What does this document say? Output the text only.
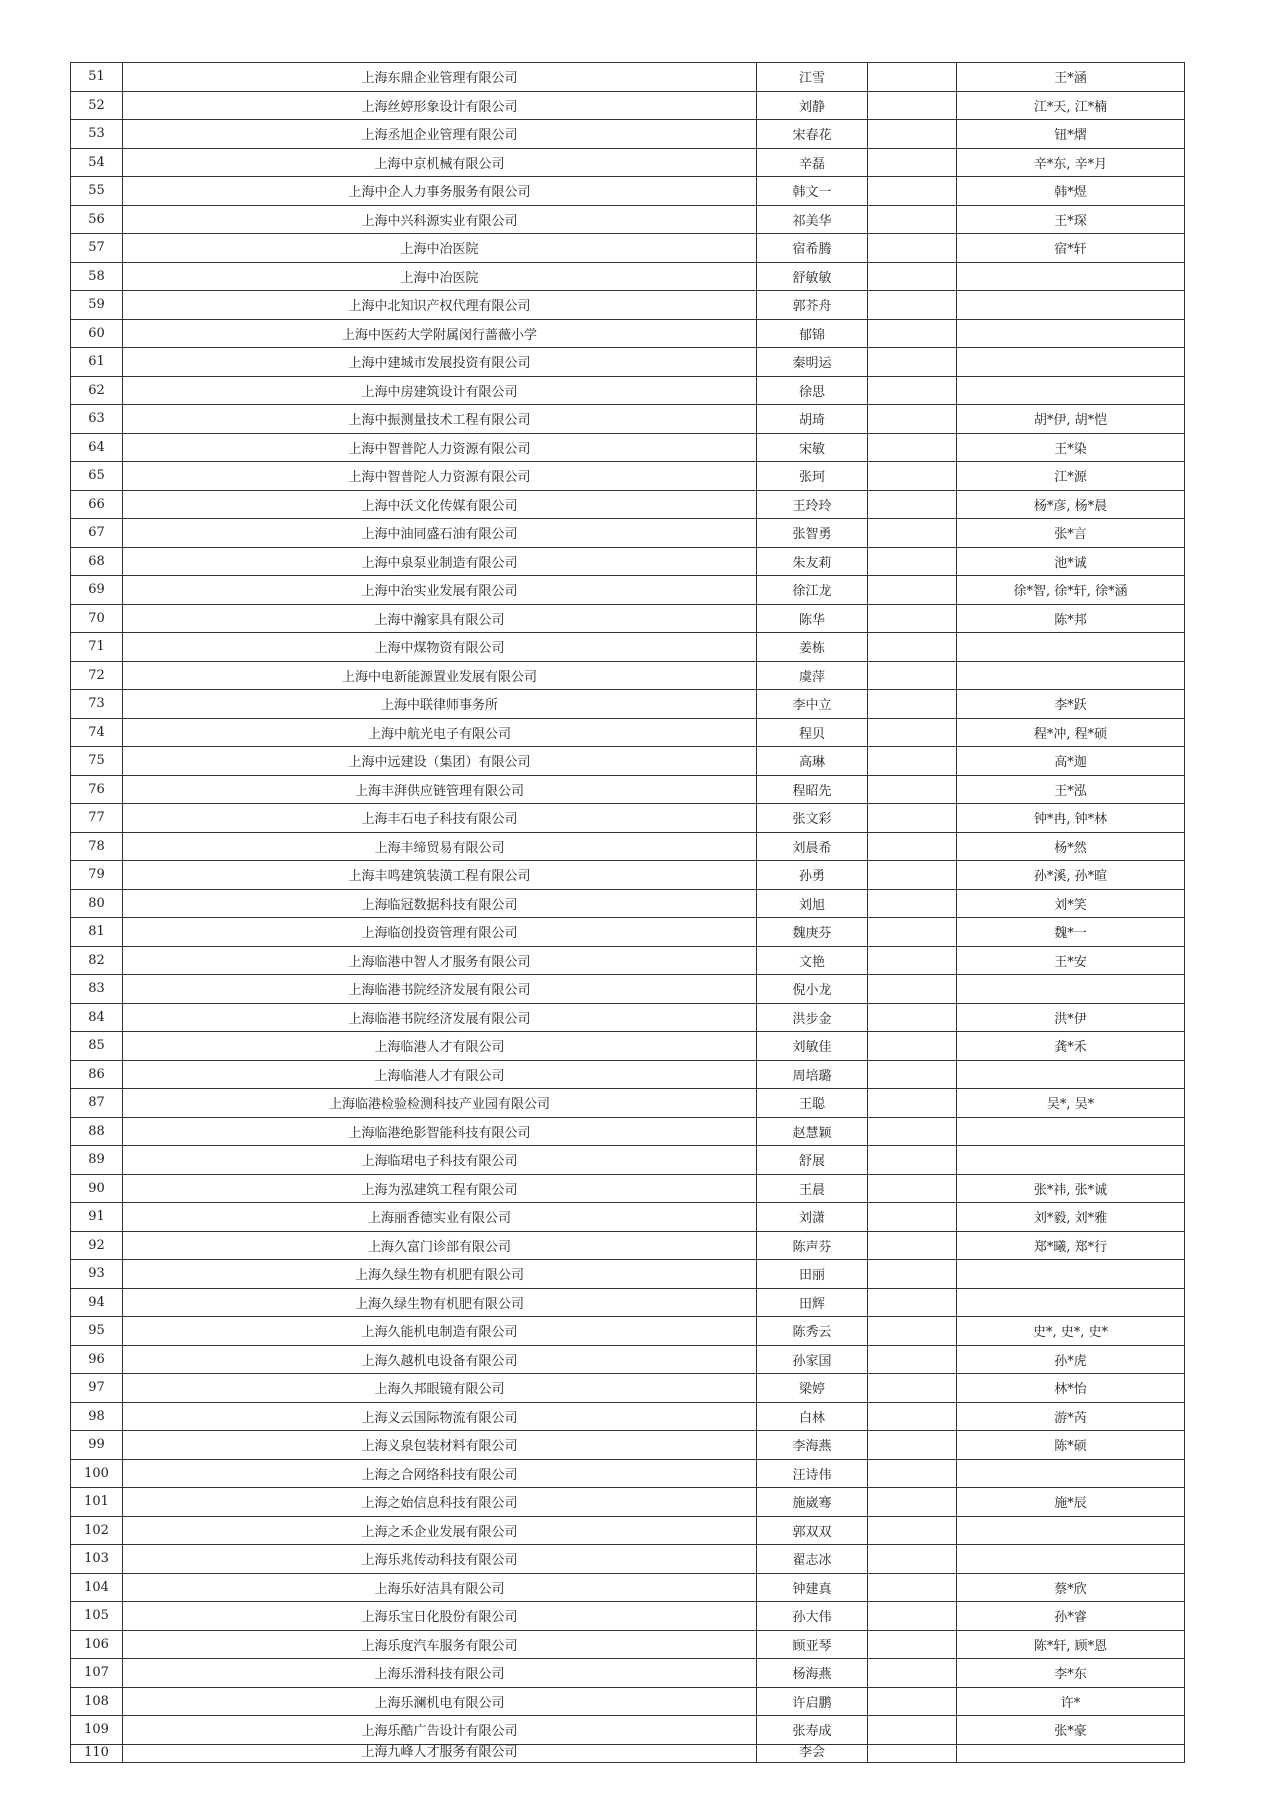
51	上海东鼎企业管理有限公司	江雪		王*涵
52	上海丝婷形象设计有限公司	刘静		江*天, 江*楠
53	上海丞旭企业管理有限公司	宋春花		钮*熠
54	上海中京机械有限公司	辛磊		辛*东, 辛*月
55	上海中企人力事务服务有限公司	韩文一		韩*煜
56	上海中兴科源实业有限公司	祁美华		王*琛
57	上海中冶医院	宿希腾		宿*轩
58	上海中冶医院	舒敏敏		
59	上海中北知识产权代理有限公司	郭芥舟		
60	上海中医药大学附属闵行蔷薇小学	郁锦		
61	上海中建城市发展投资有限公司	秦明运		
62	上海中房建筑设计有限公司	徐思		
63	上海中振测量技术工程有限公司	胡琦		胡*伊, 胡*恺
64	上海中智普陀人力资源有限公司	宋敏		王*染
65	上海中智普陀人力资源有限公司	张珂		江*源
66	上海中沃文化传媒有限公司	王玲玲		杨*彦, 杨*晨
67	上海中油同盛石油有限公司	张智勇		张*言
68	上海中泉泵业制造有限公司	朱友莉		池*诚
69	上海中治实业发展有限公司	徐江龙		徐*智, 徐*轩, 徐*涵
70	上海中瀚家具有限公司	陈华		陈*邦
71	上海中煤物资有限公司	姜栋		
72	上海中电新能源置业发展有限公司	虞萍		
73	上海中联律师事务所	李中立		李*跃
74	上海中航光电子有限公司	程贝		程*冲, 程*硕
75	上海中远建设（集团）有限公司	高琳		高*迦
76	上海丰湃供应链管理有限公司	程昭先		王*泓
77	上海丰石电子科技有限公司	张文彩		钟*冉, 钟*林
78	上海丰缔贸易有限公司	刘晨希		杨*然
79	上海丰鸣建筑装潢工程有限公司	孙勇		孙*溪, 孙*暄
80	上海临冠数据科技有限公司	刘旭		刘*笑
81	上海临创投资管理有限公司	魏庚芬		魏*一
82	上海临港中智人才服务有限公司	文艳		王*安
83	上海临港书院经济发展有限公司	倪小龙		
84	上海临港书院经济发展有限公司	洪步金		洪*伊
85	上海临港人才有限公司	刘敏佳		龚*禾
86	上海临港人才有限公司	周培璐		
87	上海临港检验检测科技产业园有限公司	王聪		吴*, 吴*
88	上海临港绝影智能科技有限公司	赵慧颖		
89	上海临珺电子科技有限公司	舒展		
90	上海为泓建筑工程有限公司	王晨		张*祎, 张*诚
91	上海丽香德实业有限公司	刘潇		刘*毅, 刘*雅
92	上海久富门诊部有限公司	陈声芬		郑*曦, 郑*行
93	上海久绿生物有机肥有限公司	田丽		
94	上海久绿生物有机肥有限公司	田辉		
95	上海久能机电制造有限公司	陈秀云		史*, 史*, 史*
96	上海久越机电设备有限公司	孙家国		孙*虎
97	上海久邦眼镜有限公司	梁婷		林*怡
98	上海义云国际物流有限公司	白林		游*芮
99	上海义泉包装材料有限公司	李海燕		陈*硕
100	上海之合网络科技有限公司	汪诗伟		
101	上海之始信息科技有限公司	施崴骞		施*辰
102	上海之禾企业发展有限公司	郭双双		
103	上海乐兆传动科技有限公司	翟志冰		
104	上海乐好洁具有限公司	钟建真		蔡*欣
105	上海乐宝日化股份有限公司	孙大伟		孙*睿
106	上海乐度汽车服务有限公司	顾亚琴		陈*轩, 顾*恩
107	上海乐滑科技有限公司	杨海燕		李*东
108	上海乐澜机电有限公司	许启鹏		许*
109	上海乐酷广告设计有限公司	张寿成		张*豪
110	上海九峰人才服务有限公司	李会		
